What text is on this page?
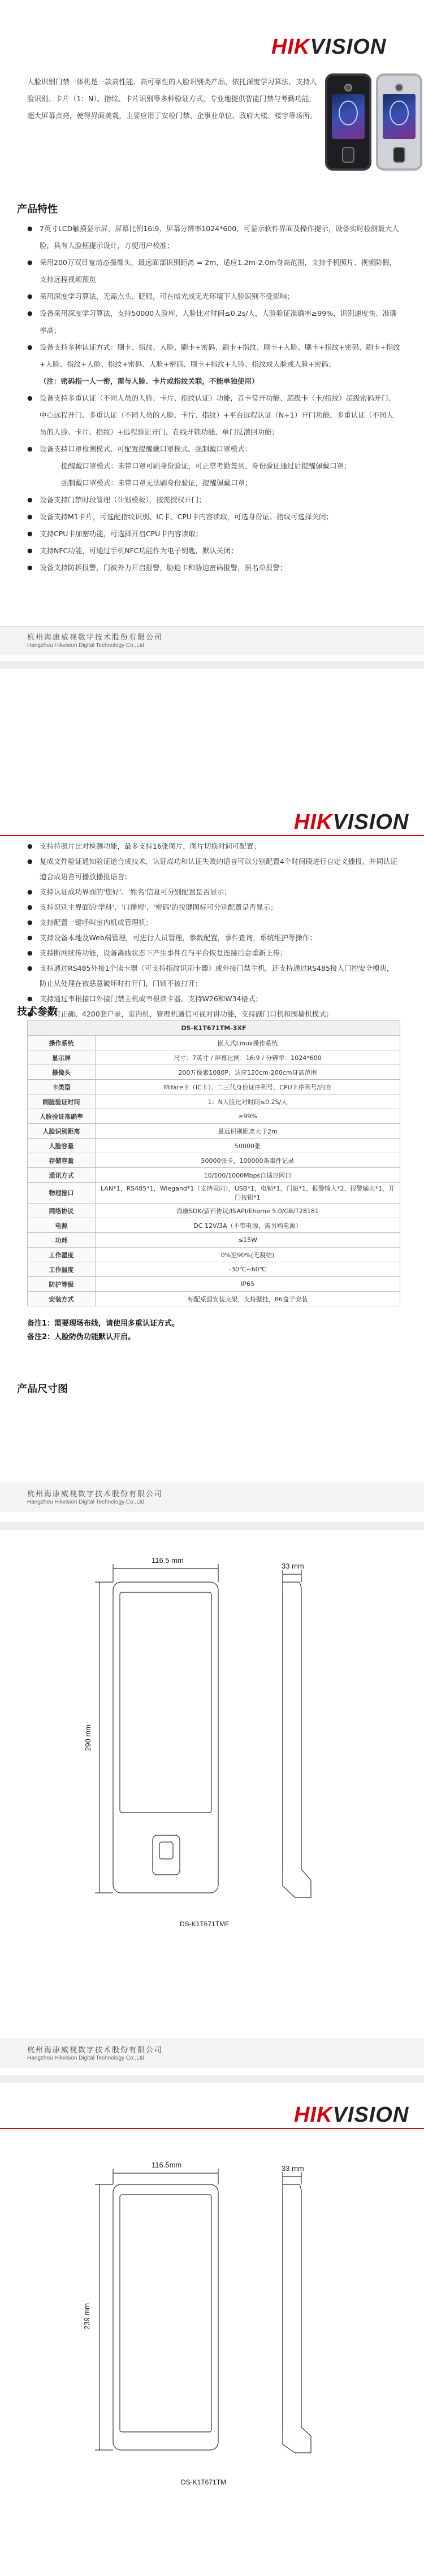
HIKVISION

人脸识别门禁一体机是一款高性能、高可靠性的人脸识别类产品，依托深度学习算法，支持人脸识别、卡片（1：N）、指纹、卡片识别等多种验证方式，专业地提供智能门禁与考勤功能，超大屏幕点亮，使得界面美观，主要应用于安检门禁、企事业单位、政府大楼、楼宇等场所。

产品特性
● 7英寸LCD触摸显示屏，屏幕比例16:9，屏幕分辨率1024*600，可显示软件界面及操作提示，设备实时检测最大人脸，具有人脸框提示设计，方便用户校准；
● 采用200万双目宽动态摄像头，最远面部识别距离 = 2m，适应1.2m-2.0m身高范围，支持手机照片、视频防假，支持远程视频预览
● 采用深度学习算法，无需点头、眨眼，可在暗光或无光环境下人脸识别不受影响；
● 设备采用深度学习算法，支持50000人脸库，人脸比对时间≤0.2s/人，人脸验证准确率≥99%，识别速度快、准确率高；
● 设备支持多种认证方式：刷卡、指纹、人脸、刷卡+密码、刷卡+指纹、刷卡+人脸、刷卡+指纹+密码、刷卡+指纹+人脸、指纹+人脸、指纹+密码、人脸+密码、刷卡+指纹+人脸、指纹或人脸或人脸+密码；
（注：密码指一人一密，需与人脸、卡片或指纹关联，不能单独使用）
● 设备支持多重认证（不同人员的人脸、卡片、指纹认证）功能，首卡常开功能、超级卡（卡/指纹）超级密码开门、中心远程开门、多重认证（不同人员的人脸、卡片、指纹）+平台远程认证（N+1）开门功能、多重认证（不同人员的人脸、卡片、指纹）+远程验证开门，在线开锁功能、单门反潜回功能；
● 设备支持口罩检测模式、可配置提醒戴口罩模式、强制戴口罩模式：
提醒戴口罩模式：未带口罩可刷身份验证，可正常考勤签到，身份验证通过后提醒佩戴口罩；
强制戴口罩模式：未带口罩无法刷身份验证，提醒佩戴口罩；
● 设备支持门禁时段管理（计划模板），按需授权开门；
● 设备支持M1卡片，可选配指纹识别、IC卡、CPU卡内容读取，可选身份证、指纹可选择关闭；
● 支持CPU卡加密功能，可选择开启CPU卡内容读取；
● 支持NFC功能，可通过手机NFC功能作为电子钥匙，默认关闭；
● 设备支持防拆报警，门被外力开启报警，胁迫卡和胁迫密码报警，黑名单报警；
杭州海康威视数字技术股份有限公司
Hangzhou Hikvision Digital Technology Co.,Ltd
HIKVISION
● 支持持照片比对检测功能，最多支持16张图片，图片切换时间可配置；
● 复成文件验证通知验证道合成技术，认证成功和认证失败的语音可以分别配置4个时间段进行自定义播报，并同认证道合成语音可播放播报语音；
● 支持认证成功界面的'您好'、'姓名'信息可分别配置是否显示；
● 支持识别主界面的'学科'、'口播短'、'密码'的按键图标可分别配置是否显示；
● 支持配置一键呼叫室内机或管理机；
● 支持设备本地及Web端管理，可进行人员管理，参数配置，事件查询，系统维护等操作；
● 支持断网续传功能，设备离线状态下产生事件在与平台恢复连接后会重新上传；
● 支持通过RS485外接1个读卡器（可支持指纹识别卡器）或外接门禁主机，还支持通过RS485接入门控安全模块，防止从处理在被恶意破坏时打开门，门锁不被打开；
● 支持通过韦根接口外接门禁主机或韦根读卡器，支持W26和W34格式；
● 支持有正确、4200套户录，室内机，管理机通信可视对讲功能，支持副门口机和围墙机模式；
技术参数
DS-K1T671TM-3XF	
操作系统	嵌入式Linux操作系统
显示屏	尺寸：7英寸 / 屏幕比例：16:9 / 分辨率：1024*600
摄像头	200万像素1080P，适应120cm-200cm身高范围
卡类型	Mifare卡（IC卡）、二三代身份证序列号、CPU卡序列号/内容
刷脸验证时间	1：N人脸比对时间≤0.2S/人
人脸验证准确率	≥99%
人脸识别距离	最远识别距离大于2m
人脸容量	50000张
存储容量	50000张卡，100000条事件记录
通讯方式	10/100/1000Mbps自适应网口
物理接口	LAN*1，RS485*1，Wiegand*1（支持双向），USB*1，电锁*1，门磁*1，报警输入*2，报警输出*1，开门按钮*1
网络协议	海康SDK/萤石协议/ISAPI/Ehome 5.0/GB/T28181
电源	DC 12V/3A（不带电源，需另购电源）
功耗	≤15W
工作湿度	0%至90%(无凝结)
工作温度	-30℃~60℃
防护等级	IP65
安装方式	标配桌面安装支架，支持壁挂，86盒子安装
备注1：需要现场布线，请使用多重认证方式。
备注2：人脸防伪功能默认开启。
产品尺寸图
杭州海康威视数字技术股份有限公司
Hangzhou Hikvision Digital Technology Co.,Ltd
116.5 mm
290 mm
33 mm
DS-K1T671TMF
杭州海康威视数字技术股份有限公司
Hangzhou Hikvision Digital Technology Co.,Ltd
HIKVISION
116.5mm
239 mm
33 mm
DS-K1T671TM
